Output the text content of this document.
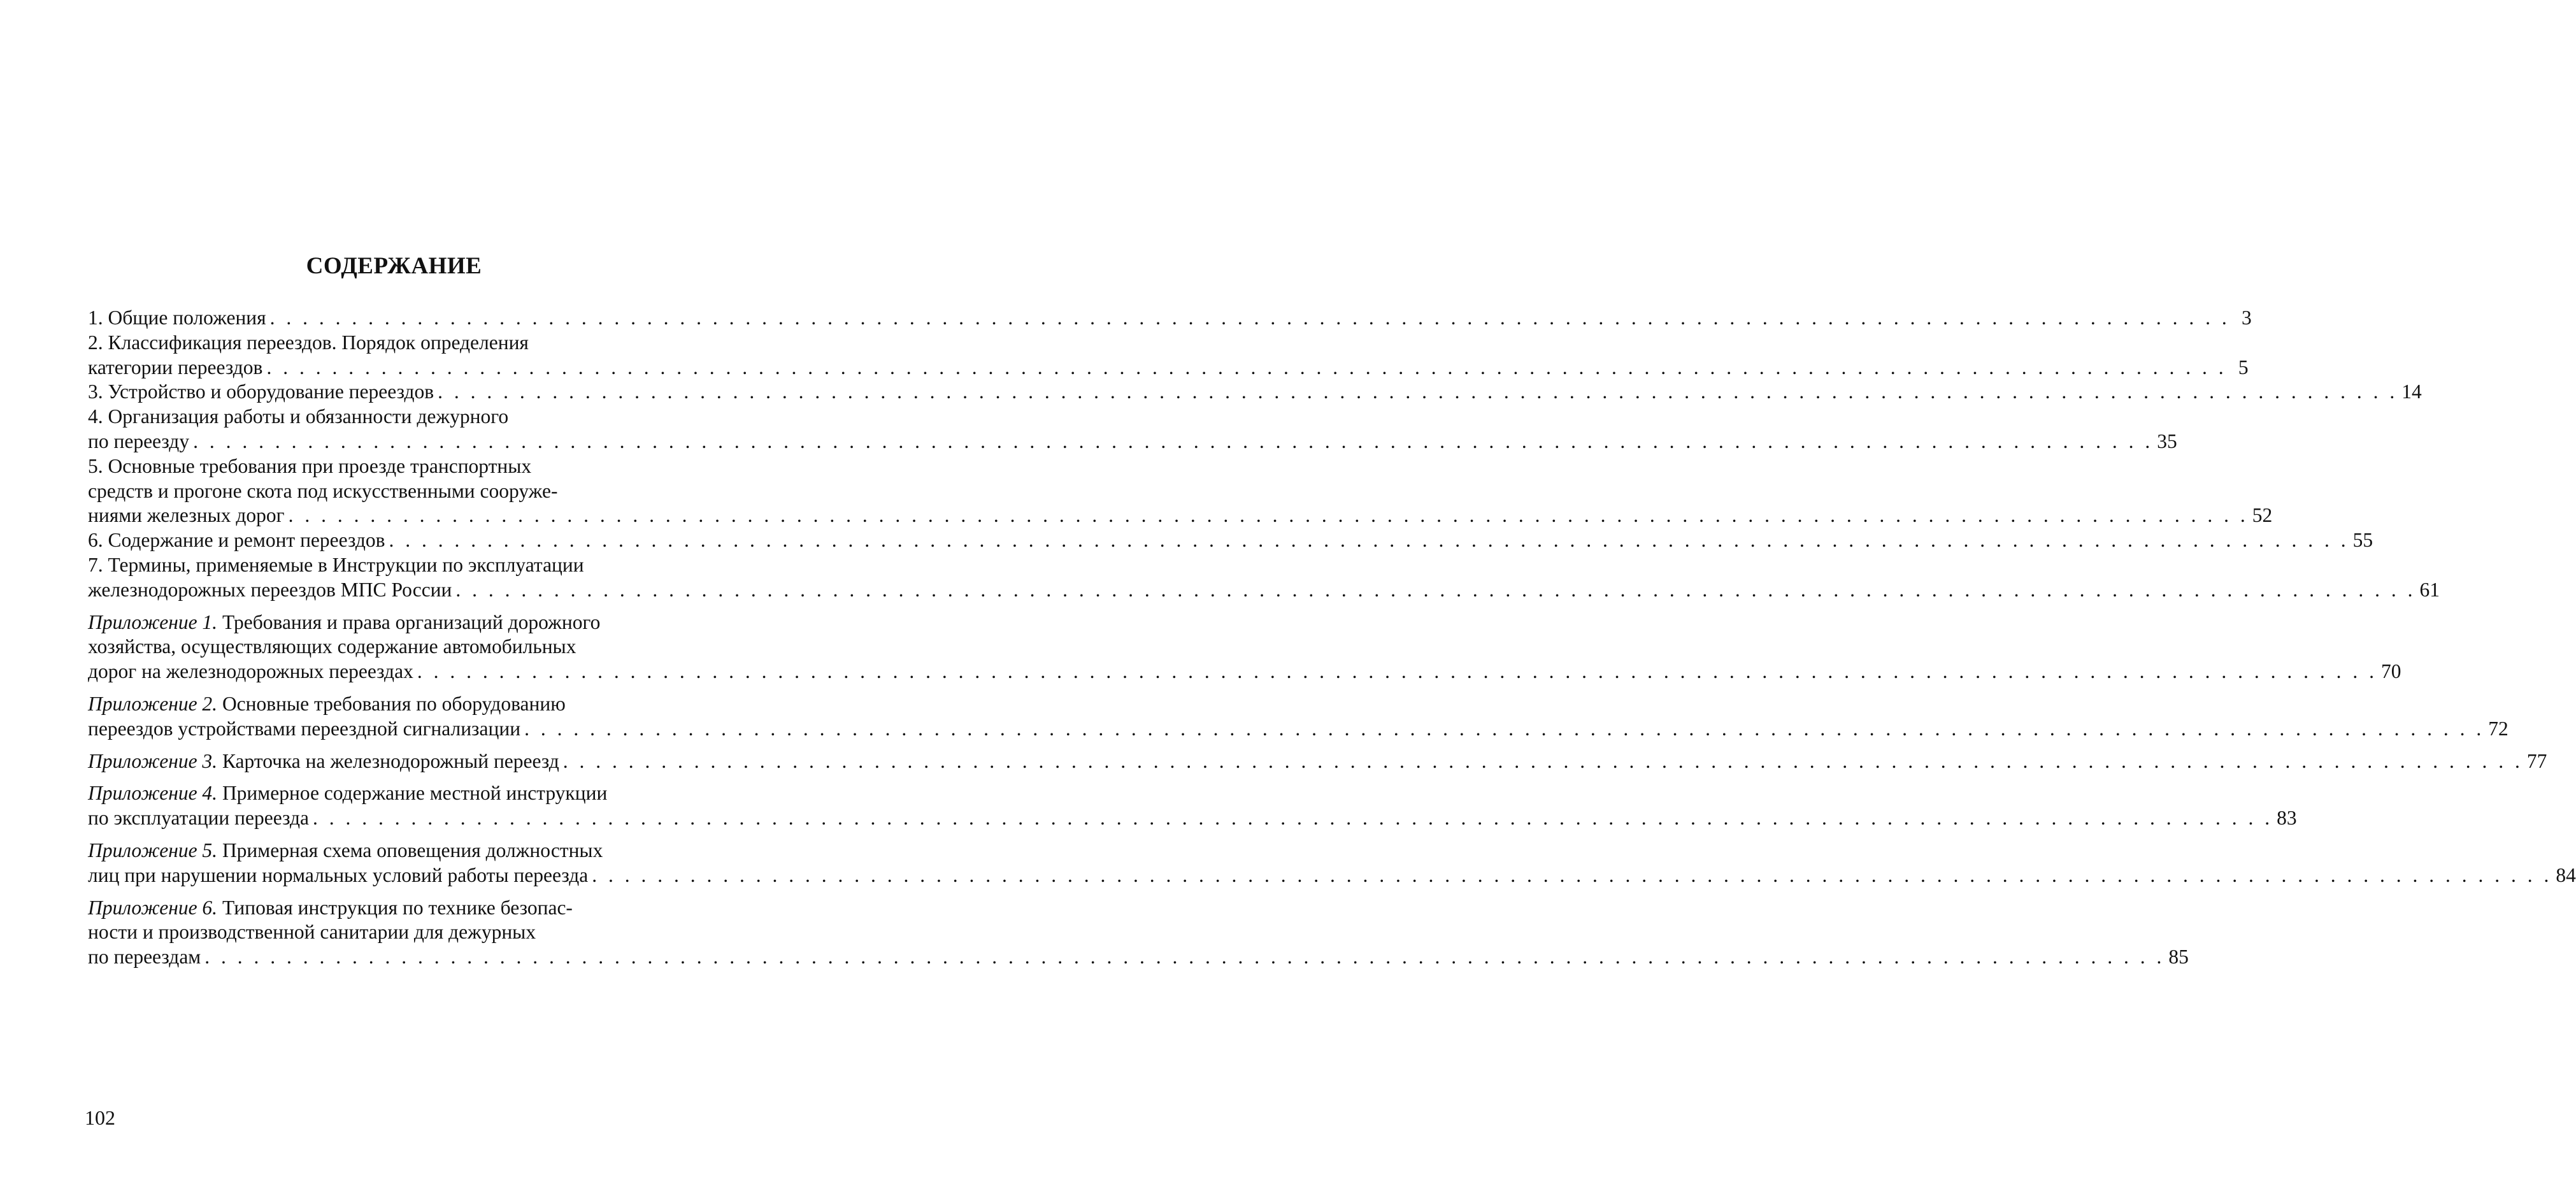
СОДЕРЖАНИЕ
1. Общие положения . . . . . . . . . . . . . . . . . . . . . . . . . . . . . . . . . . . . . . . . . . . . . . . . . . . . . . . . . . . . . . . . . . . . . . . . . . . . . . . . . . . . . . . . . . . . . . . . . . . . . . . . . . . . . . . . . . . . . . . . 3
2. Классификация переездов. Порядок определения
категории переездов . . . . . . . . . . . . . . . . . . . . . . . . . . . . . . . . . . . . . . . . . . . . . . . . . . . . . . . . . . . . . . . . . . . . . . . . . . . . . . . . . . . . . . . . . . . . . . . . . . . . . . . . . . . . . . . . . . . . . . . . 5
3. Устройство и оборудование переездов . . . . . . . . . . . . . . . . . . . . . . . . . . . . . . . . . . . . . . . . . . . . . . . . . . . . . . . . . . . . . . . . . . . . . . . . . . . . . . . . . . . . . . . . . . . . . . . . . . . . . . . . . . . . . . . . . . . . . . . . 14
4. Организация работы и обязанности дежурного
по переезду . . . . . . . . . . . . . . . . . . . . . . . . . . . . . . . . . . . . . . . . . . . . . . . . . . . . . . . . . . . . . . . . . . . . . . . . . . . . . . . . . . . . . . . . . . . . . . . . . . . . . . . . . . . . . . . . . . . . . . . . 35
5. Основные требования при проезде транспортных
средств и прогоне скота под искусственными сооруже-
ниями железных дорог . . . . . . . . . . . . . . . . . . . . . . . . . . . . . . . . . . . . . . . . . . . . . . . . . . . . . . . . . . . . . . . . . . . . . . . . . . . . . . . . . . . . . . . . . . . . . . . . . . . . . . . . . . . . . . . . . . . . . . . . 52
6. Содержание и ремонт переездов . . . . . . . . . . . . . . . . . . . . . . . . . . . . . . . . . . . . . . . . . . . . . . . . . . . . . . . . . . . . . . . . . . . . . . . . . . . . . . . . . . . . . . . . . . . . . . . . . . . . . . . . . . . . . . . . . . . . . . . . 55
7. Термины, применяемые в Инструкции по эксплуатации
железнодорожных переездов МПС России . . . . . . . . . . . . . . . . . . . . . . . . . . . . . . . . . . . . . . . . . . . . . . . . . . . . . . . . . . . . . . . . . . . . . . . . . . . . . . . . . . . . . . . . . . . . . . . . . . . . . . . . . . . . . . . . . . . . . . . . 61
Приложение 1. Требования и права организаций дорожного
хозяйства, осуществляющих содержание автомобильных
дорог на железнодорожных переездах . . . . . . . . . . . . . . . . . . . . . . . . . . . . . . . . . . . . . . . . . . . . . . . . . . . . . . . . . . . . . . . . . . . . . . . . . . . . . . . . . . . . . . . . . . . . . . . . . . . . . . . . . . . . . . . . . . . . . . . . 70
Приложение 2. Основные требования по оборудованию
переездов устройствами переездной сигнализации . . . . . . . . . . . . . . . . . . . . . . . . . . . . . . . . . . . . . . . . . . . . . . . . . . . . . . . . . . . . . . . . . . . . . . . . . . . . . . . . . . . . . . . . . . . . . . . . . . . . . . . . . . . . . . . . . . . . . . . . 72
Приложение 3. Карточка на железнодорожный переезд . . . . . . . . . . . . . . . . . . . . . . . . . . . . . . . . . . . . . . . . . . . . . . . . . . . . . . . . . . . . . . . . . . . . . . . . . . . . . . . . . . . . . . . . . . . . . . . . . . . . . . . . . . . . . . . . . . . . . . . . 77
Приложение 4. Примерное содержание местной инструкции
по эксплуатации переезда . . . . . . . . . . . . . . . . . . . . . . . . . . . . . . . . . . . . . . . . . . . . . . . . . . . . . . . . . . . . . . . . . . . . . . . . . . . . . . . . . . . . . . . . . . . . . . . . . . . . . . . . . . . . . . . . . . . . . . . . 83
Приложение 5. Примерная схема оповещения должностных
лиц при нарушении нормальных условий работы переезда . . . . . . . . . . . . . . . . . . . . . . . . . . . . . . . . . . . . . . . . . . . . . . . . . . . . . . . . . . . . . . . . . . . . . . . . . . . . . . . . . . . . . . . . . . . . . . . . . . . . . . . . . . . . . . . . . . . . . . . . 84
Приложение 6. Типовая инструкция по технике безопас-
ности и производственной санитарии для дежурных
по переездам . . . . . . . . . . . . . . . . . . . . . . . . . . . . . . . . . . . . . . . . . . . . . . . . . . . . . . . . . . . . . . . . . . . . . . . . . . . . . . . . . . . . . . . . . . . . . . . . . . . . . . . . . . . . . . . . . . . . . . . . 85
102
